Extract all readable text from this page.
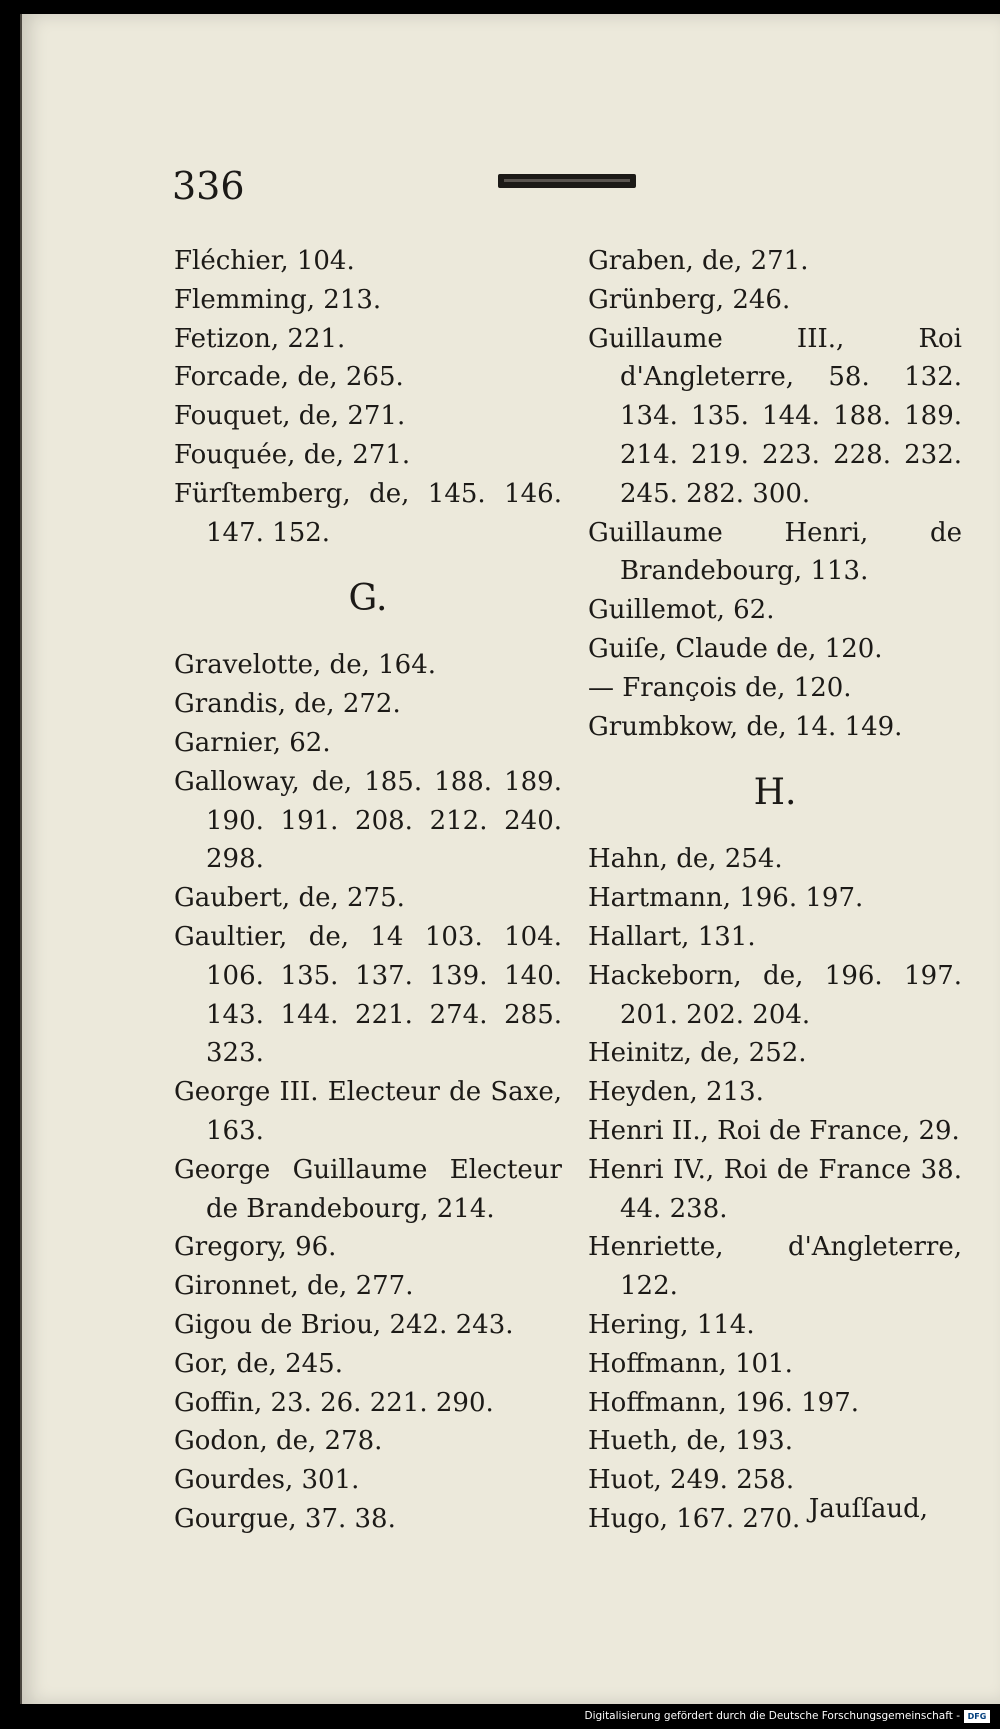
336
Fléchier, 104.
Flemming, 213.
Fetizon, 221.
Forcade, de, 265.
Fouquet, de, 271.
Fouquée, de, 271.
Fürſtemberg, de, 145. 146. 147. 152.
G.
Gravelotte, de, 164.
Grandis, de, 272.
Garnier, 62.
Galloway, de, 185. 188. 189. 190. 191. 208. 212. 240. 298.
Gaubert, de, 275.
Gaultier, de, 14 103. 104. 106. 135. 137. 139. 140. 143. 144. 221. 274. 285. 323.
George III. Electeur de Saxe, 163.
George Guillaume Electeur de Brandebourg, 214.
Gregory, 96.
Gironnet, de, 277.
Gigou de Briou, 242. 243.
Gor, de, 245.
Goffin, 23. 26. 221. 290.
Godon, de, 278.
Gourdes, 301.
Gourgue, 37. 38.
Graben, de, 271.
Grünberg, 246.
Guillaume III., Roi d'Angleterre, 58. 132. 134. 135. 144. 188. 189. 214. 219. 223. 228. 232. 245. 282. 300.
Guillaume Henri, de Brandebourg, 113.
Guillemot, 62.
Guiſe, Claude de, 120.
— François de, 120.
Grumbkow, de, 14. 149.
H.
Hahn, de, 254.
Hartmann, 196. 197.
Hallart, 131.
Hackeborn, de, 196. 197. 201. 202. 204.
Heinitz, de, 252.
Heyden, 213.
Henri II., Roi de France, 29.
Henri IV., Roi de France 38. 44. 238.
Henriette, d'Angleterre, 122.
Hering, 114.
Hoffmann, 101.
Hoffmann, 196. 197.
Hueth, de, 193.
Huot, 249. 258.
Hugo, 167. 270. Jauſſaud,
Digitalisierung gefördert durch die Deutsche Forschungsgemeinschaft - DFG
